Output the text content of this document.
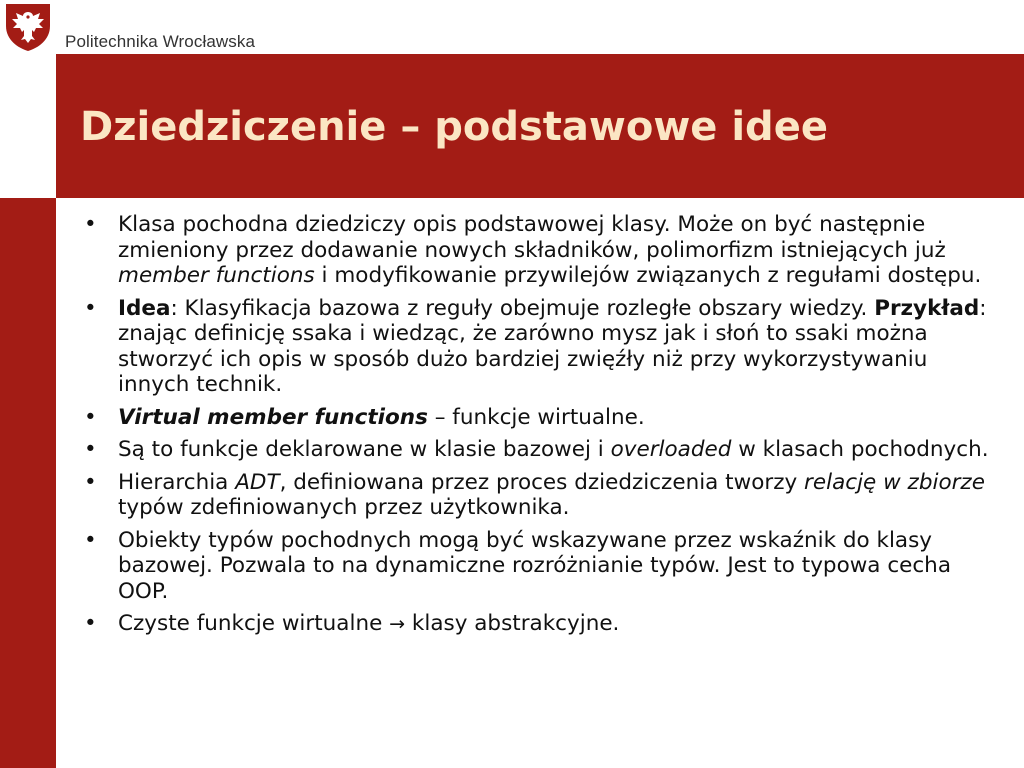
Politechnika Wrocławska
Dziedziczenie – podstawowe idee
• Klasa pochodna dziedziczy opis podstawowej klasy. Może on być następnie zmieniony przez dodawanie nowych składników, polimorfizm istniejących już member functions i modyfikowanie przywilejów związanych z regułami dostępu.
• Idea: Klasyfikacja bazowa z reguły obejmuje rozległe obszary wiedzy. Przykład: znając definicję ssaka i wiedząc, że zarówno mysz jak i słoń to ssaki można stworzyć ich opis w sposób dużo bardziej zwięźły niż przy wykorzystywaniu innych technik.
• Virtual member functions – funkcje wirtualne.
• Są to funkcje deklarowane w klasie bazowej i overloaded w klasach pochodnych.
• Hierarchia ADT, definiowana przez proces dziedziczenia tworzy relację w zbiorze typów zdefiniowanych przez użytkownika.
• Obiekty typów pochodnych mogą być wskazywane przez wskaźnik do klasy bazowej. Pozwala to na dynamiczne rozróżnianie typów. Jest to typowa cecha OOP.
• Czyste funkcje wirtualne → klasy abstrakcyjne.
